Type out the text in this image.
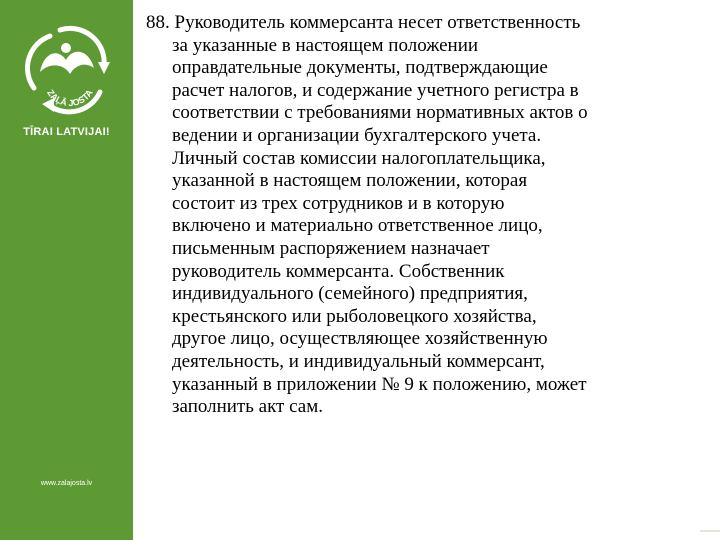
ZAĻĀ JOSTA
TĪRAI LATVIJAI!
www.zalajosta.lv
88. Руководитель коммерсанта несет ответственность
за указанные в настоящем положении
оправдательные документы, подтверждающие
расчет налогов, и содержание учетного регистра в
соответствии с требованиями нормативных актов о
ведении и организации бухгалтерского учета.
Личный состав комиссии налогоплательщика,
указанной в настоящем положении, которая
состоит из трех сотрудников и в которую
включено и материально ответственное лицо,
письменным распоряжением назначает
руководитель коммерсанта. Собственник
индивидуального (семейного) предприятия,
крестьянского или рыболовецкого хозяйства,
другое лицо, осуществляющее хозяйственную
деятельность, и индивидуальный коммерсант,
указанный в приложении № 9 к положению, может
заполнить акт сам.
